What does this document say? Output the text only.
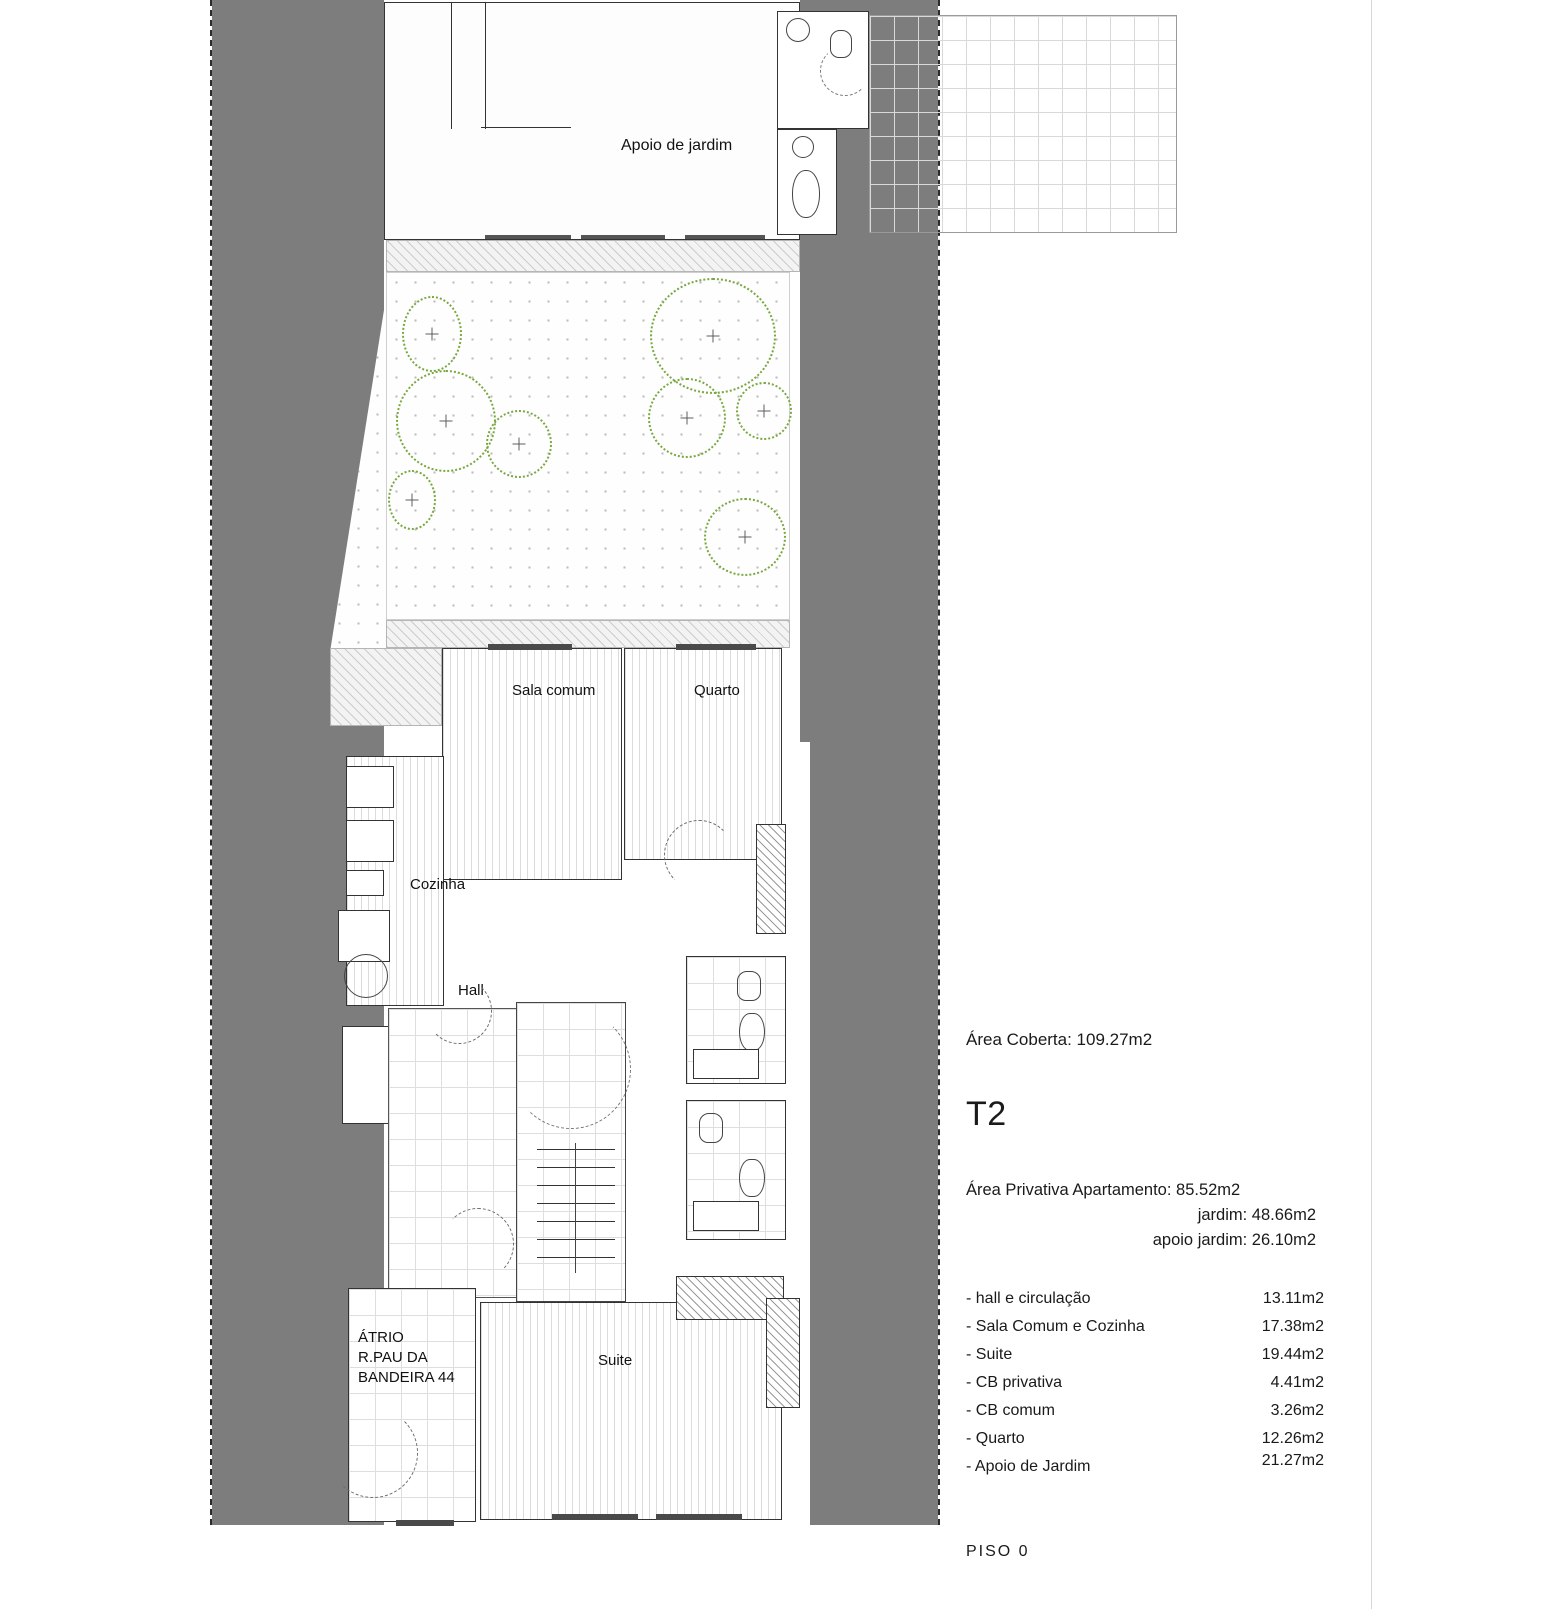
Apoio de jardim
Sala comum	Quarto
Cozinha
Hall
Suite
ÁTRIO
R.PAU DA
BANDEIRA 44
Área Coberta: 109.27m2
T2
Área Privativa Apartamento: 85.52m2
jardim: 48.66m2
apoio jardim: 26.10m2
- hall e circulação	13.11m2
- Sala Comum e Cozinha	17.38m2
- Suite	19.44m2
- CB privativa	4.41m2
- CB comum	3.26m2
- Quarto	12.26m2
- Apoio de Jardim	21.27m2
PISO 0
